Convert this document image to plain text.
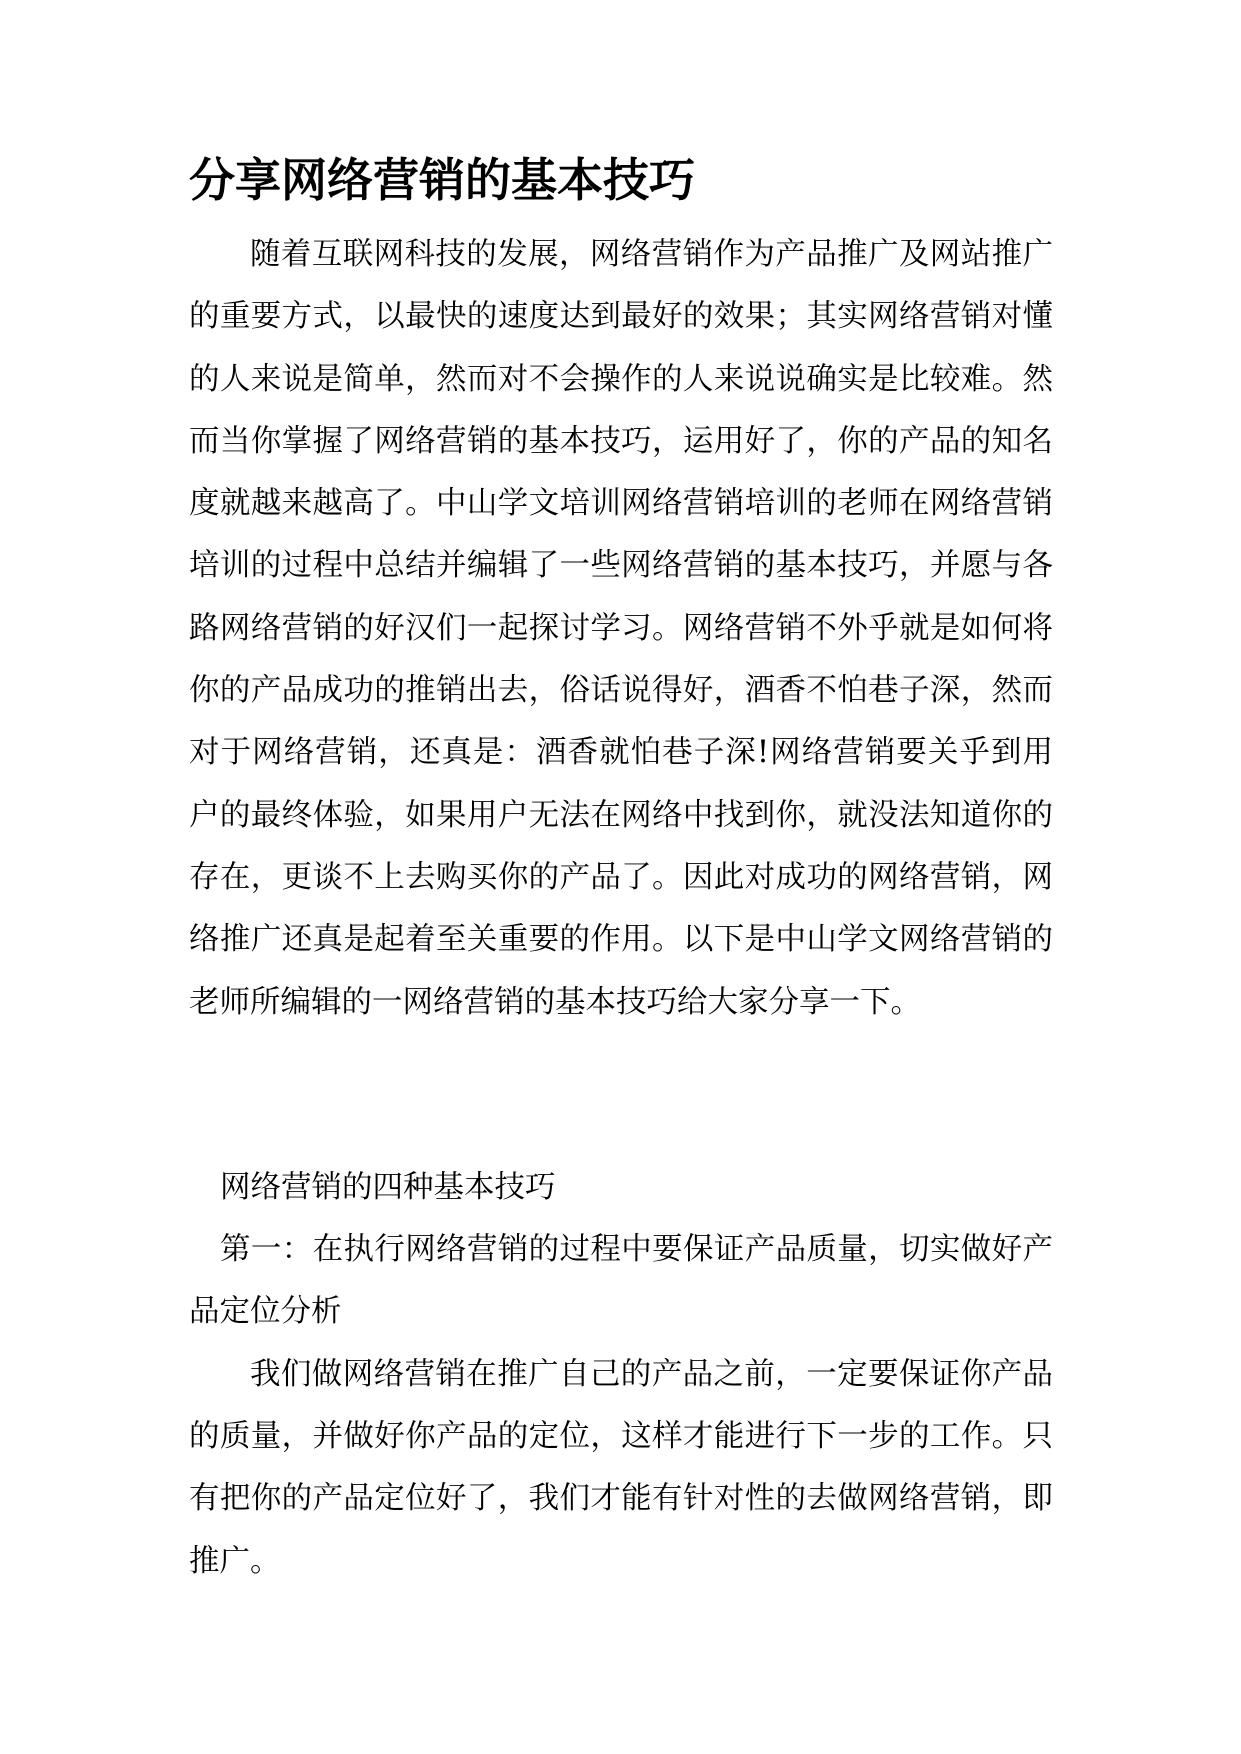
分享网络营销的基本技巧

随着互联网科技的发展，网络营销作为产品推广及网站推广的重要方式，以最快的速度达到最好的效果；其实网络营销对懂的人来说是简单，然而对不会操作的人来说说确实是比较难。然而当你掌握了网络营销的基本技巧，运用好了，你的产品的知名度就越来越高了。中山学文培训网络营销培训的老师在网络营销培训的过程中总结并编辑了一些网络营销的基本技巧，并愿与各路网络营销的好汉们一起探讨学习。网络营销不外乎就是如何将你的产品成功的推销出去，俗话说得好，酒香不怕巷子深，然而对于网络营销，还真是：酒香就怕巷子深!网络营销要关乎到用户的最终体验，如果用户无法在网络中找到你，就没法知道你的存在，更谈不上去购买你的产品了。因此对成功的网络营销，网络推广还真是起着至关重要的作用。以下是中山学文网络营销的老师所编辑的一网络营销的基本技巧给大家分享一下。

网络营销的四种基本技巧

第一：在执行网络营销的过程中要保证产品质量，切实做好产品定位分析

我们做网络营销在推广自己的产品之前，一定要保证你产品的质量，并做好你产品的定位，这样才能进行下一步的工作。只有把你的产品定位好了，我们才能有针对性的去做网络营销，即推广。
